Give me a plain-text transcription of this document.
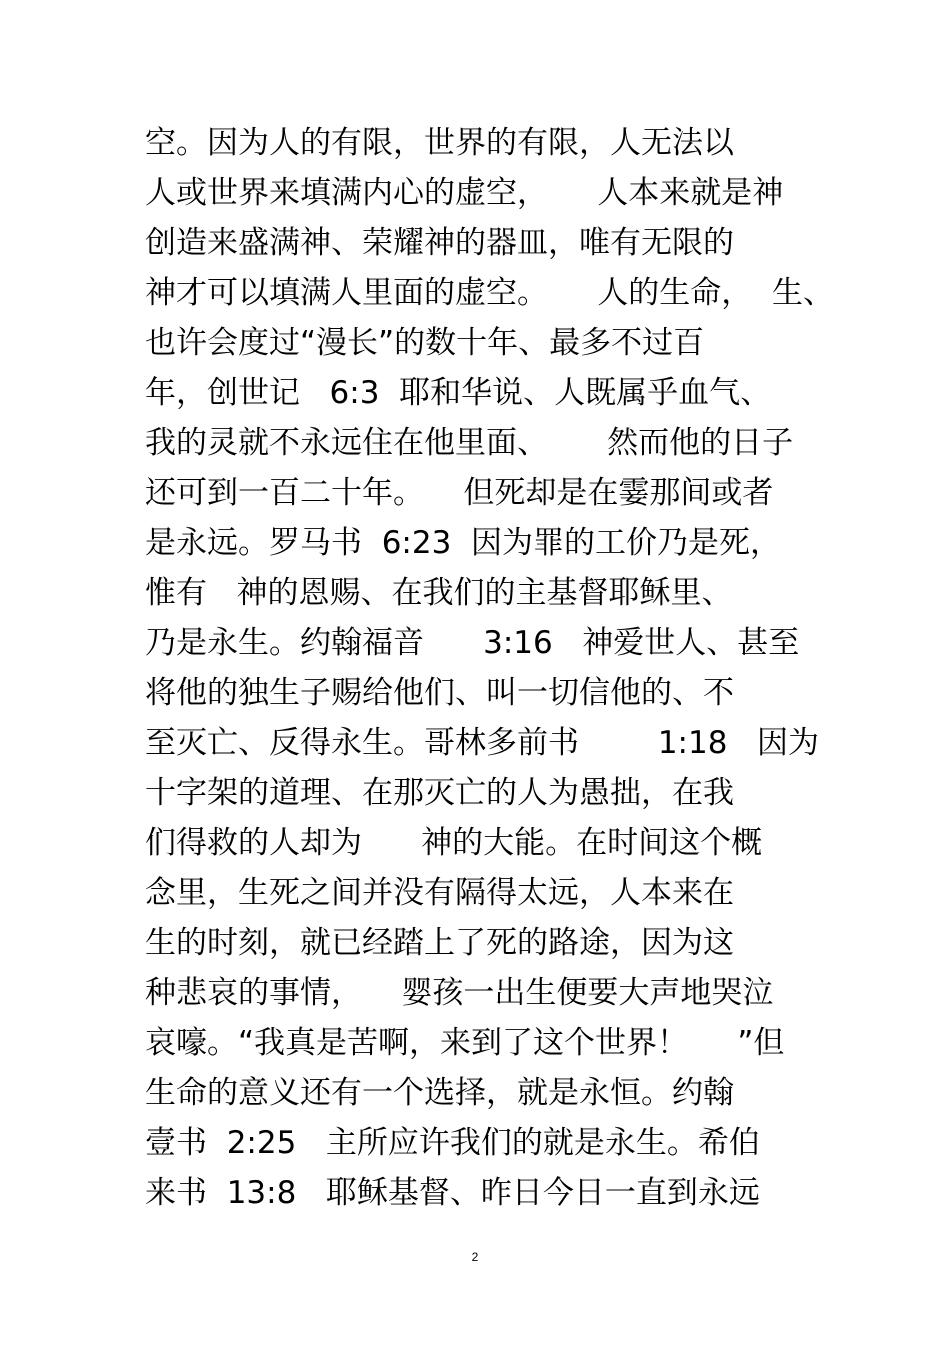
空。因为人的有限，世界的有限，人无法以
人或世界来填满内心的虚空，     人本来就是神
创造来盛满神、荣耀神的器皿，唯有无限的
神才可以填满人里面的虚空。     人的生命，  生、
也许会度过“漫长”的数十年、最多不过百
年，创世记   6:3  耶和华说、人既属乎血气、
我的灵就不永远住在他里面、      然而他的日子
还可到一百二十年。    但死却是在霎那间或者
是永远。罗马书  6:23  因为罪的工价乃是死，
惟有   神的恩赐、在我们的主基督耶稣里、
乃是永生。约翰福音      3:16   神爱世人、甚至
将他的独生子赐给他们、叫一切信他的、不
至灭亡、反得永生。哥林多前书        1:18   因为
十字架的道理、在那灭亡的人为愚拙，在我
们得救的人却为      神的大能。在时间这个概
念里，生死之间并没有隔得太远，人本来在
生的时刻，就已经踏上了死的路途，因为这
种悲哀的事情，    婴孩一出生便要大声地哭泣
哀嚎。“我真是苦啊，来到了这个世界！     ”但
生命的意义还有一个选择，就是永恒。约翰
壹书  2:25   主所应许我们的就是永生。希伯
来书  13:8   耶稣基督、昨日今日一直到永远
2
